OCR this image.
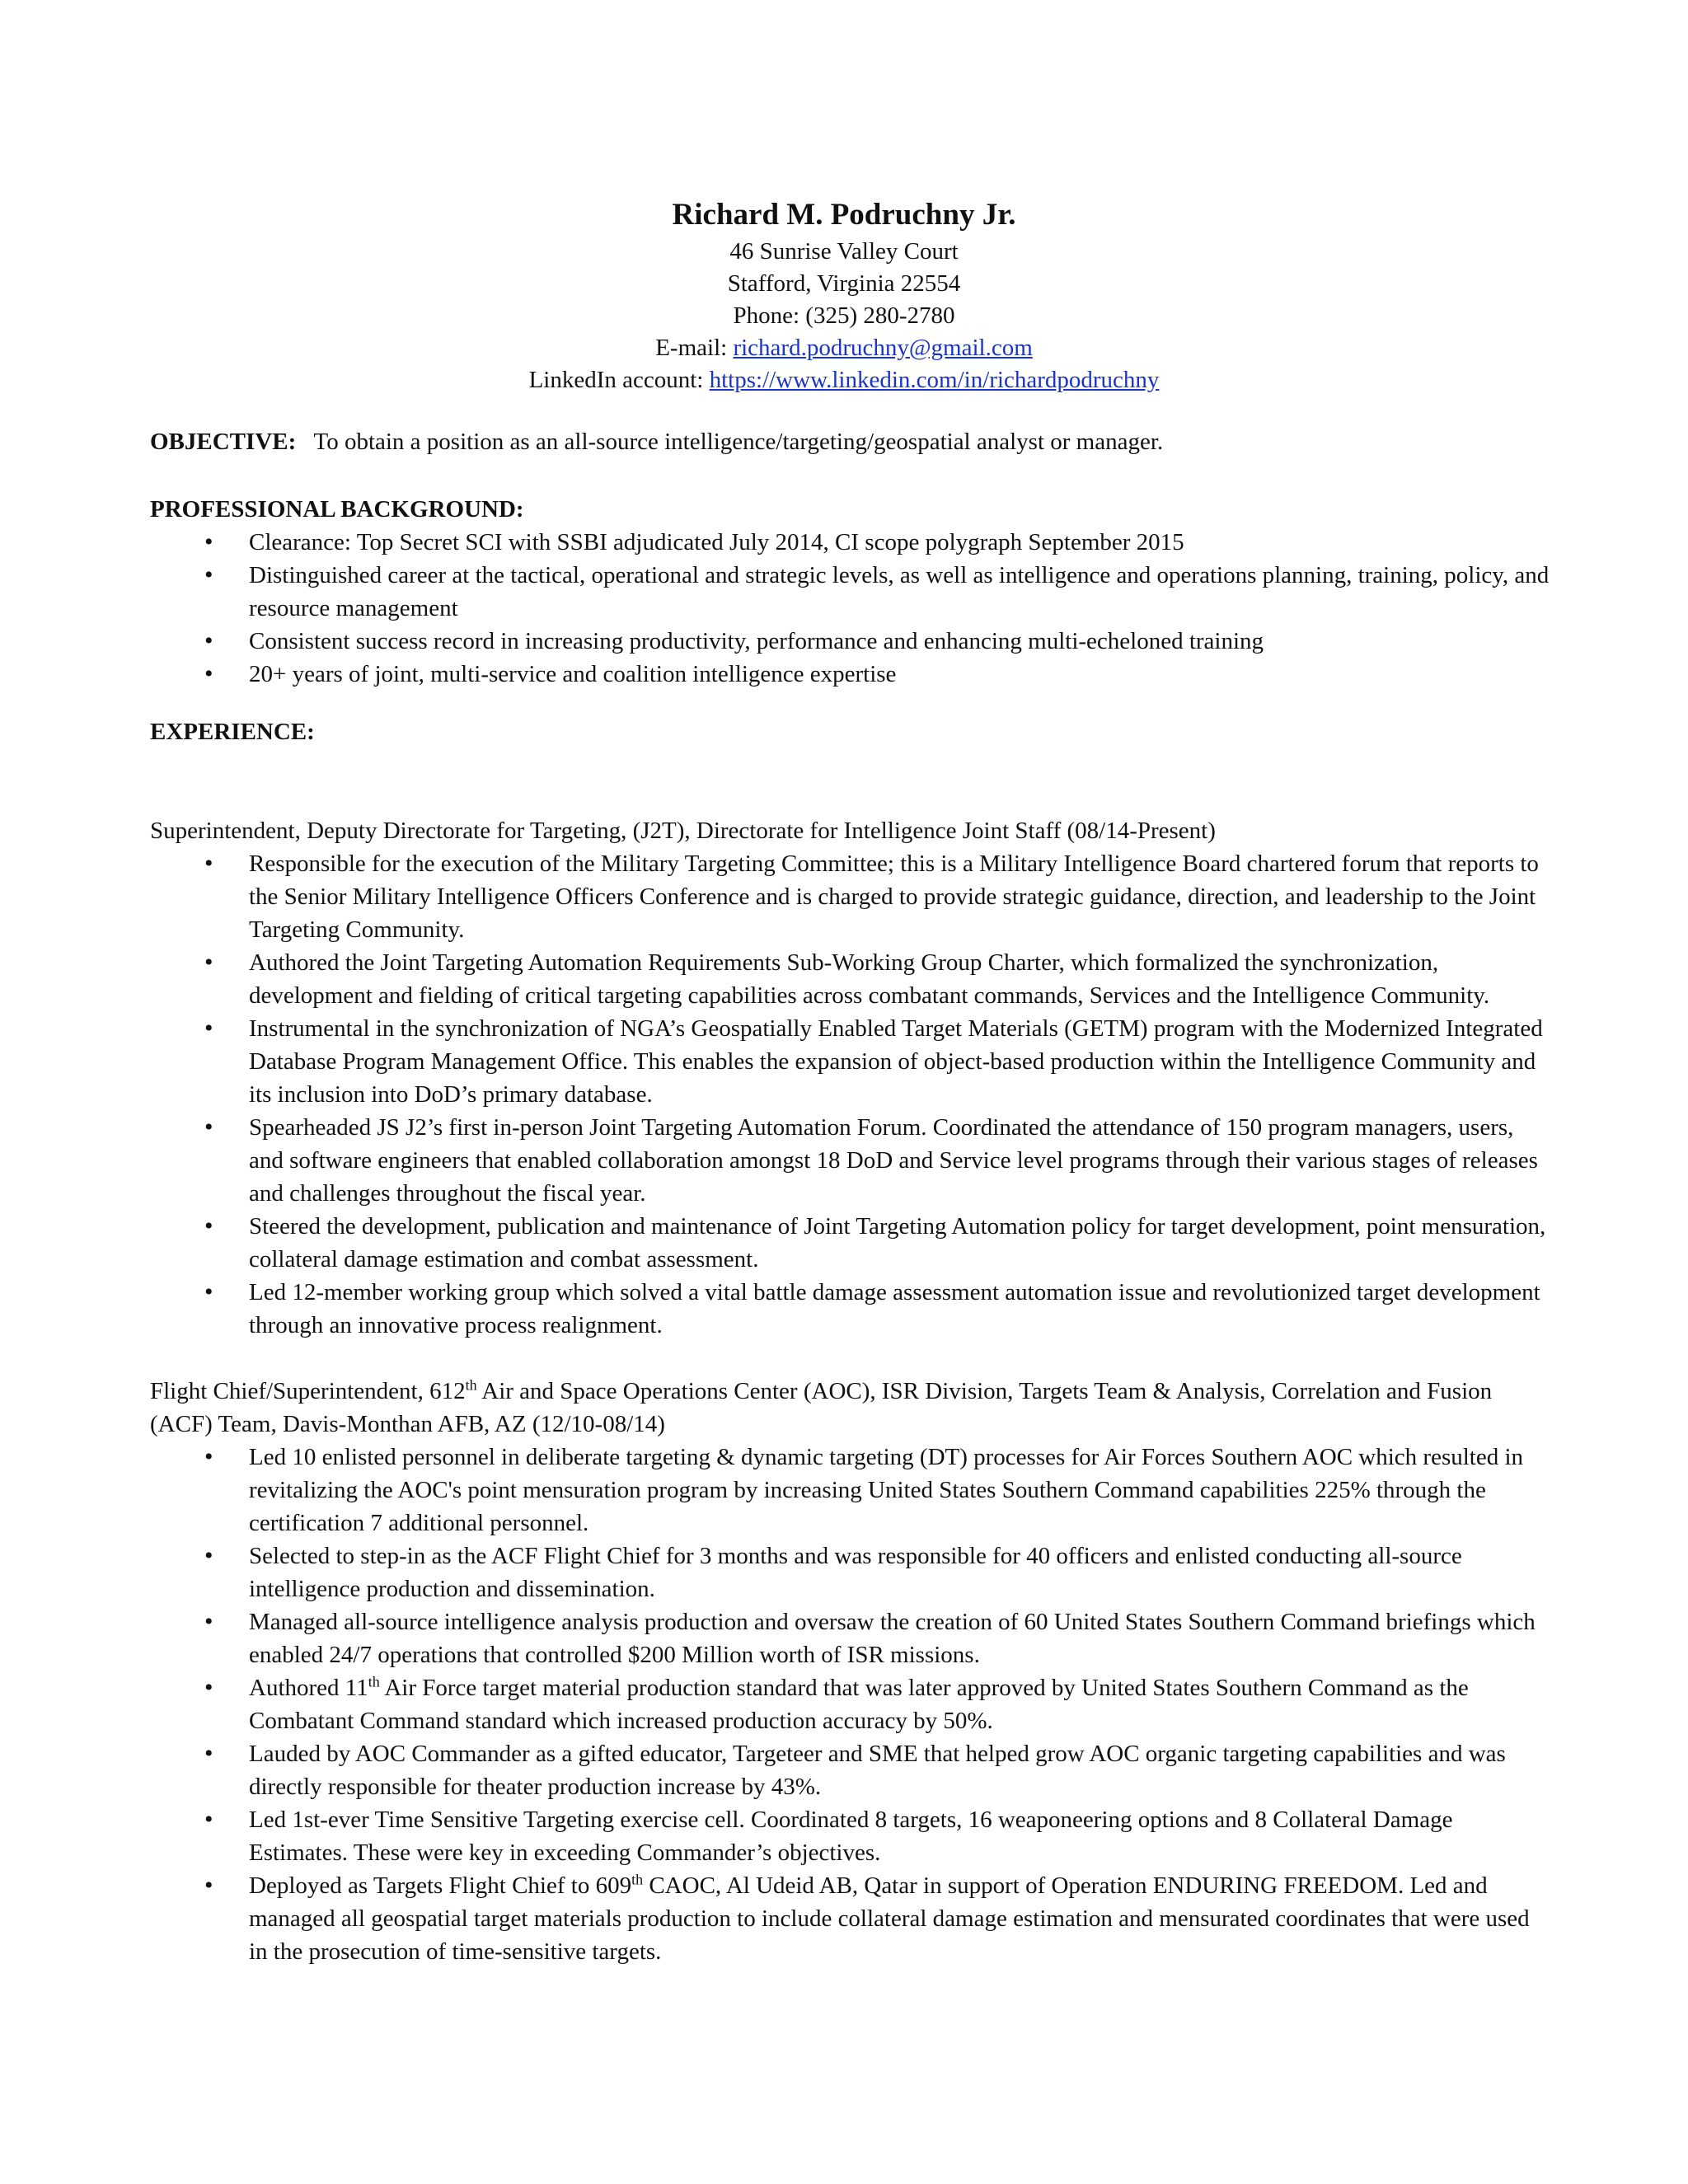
Richard M. Podruchny Jr.
46 Sunrise Valley Court
Stafford, Virginia 22554
Phone: (325) 280-2780
E-mail: richard.podruchny@gmail.com
LinkedIn account: https://www.linkedin.com/in/richardpodruchny

OBJECTIVE: To obtain a position as an all-source intelligence/targeting/geospatial analyst or manager.

PROFESSIONAL BACKGROUND:

• Clearance: Top Secret SCI with SSBI adjudicated July 2014, CI scope polygraph September 2015
• Distinguished career at the tactical, operational and strategic levels, as well as intelligence and operations planning, training, policy, and resource management
• Consistent success record in increasing productivity, performance and enhancing multi-echeloned training
• 20+ years of joint, multi-service and coalition intelligence expertise

EXPERIENCE:

Superintendent, Deputy Directorate for Targeting, (J2T), Directorate for Intelligence Joint Staff (08/14-Present)
• Responsible for the execution of the Military Targeting Committee; this is a Military Intelligence Board chartered forum that reports to the Senior Military Intelligence Officers Conference and is charged to provide strategic guidance, direction, and leadership to the Joint Targeting Community.
• Authored the Joint Targeting Automation Requirements Sub-Working Group Charter, which formalized the synchronization, development and fielding of critical targeting capabilities across combatant commands, Services and the Intelligence Community.
• Instrumental in the synchronization of NGA’s Geospatially Enabled Target Materials (GETM) program with the Modernized Integrated Database Program Management Office. This enables the expansion of object-based production within the Intelligence Community and its inclusion into DoD’s primary database.
• Spearheaded JS J2’s first in-person Joint Targeting Automation Forum. Coordinated the attendance of 150 program managers, users, and software engineers that enabled collaboration amongst 18 DoD and Service level programs through their various stages of releases and challenges throughout the fiscal year.
• Steered the development, publication and maintenance of Joint Targeting Automation policy for target development, point mensuration, collateral damage estimation and combat assessment.
• Led 12-member working group which solved a vital battle damage assessment automation issue and revolutionized target development through an innovative process realignment.
Flight Chief/Superintendent, 612th Air and Space Operations Center (AOC), ISR Division, Targets Team & Analysis, Correlation and Fusion (ACF) Team, Davis-Monthan AFB, AZ (12/10-08/14)
• Led 10 enlisted personnel in deliberate targeting & dynamic targeting (DT) processes for Air Forces Southern AOC which resulted in revitalizing the AOC's point mensuration program by increasing United States Southern Command capabilities 225% through the certification 7 additional personnel.
• Selected to step-in as the ACF Flight Chief for 3 months and was responsible for 40 officers and enlisted conducting all-source intelligence production and dissemination.
• Managed all-source intelligence analysis production and oversaw the creation of 60 United States Southern Command briefings which enabled 24/7 operations that controlled $200 Million worth of ISR missions.
• Authored 11th Air Force target material production standard that was later approved by United States Southern Command as the Combatant Command standard which increased production accuracy by 50%.
• Lauded by AOC Commander as a gifted educator, Targeteer and SME that helped grow AOC organic targeting capabilities and was directly responsible for theater production increase by 43%.
• Led 1st-ever Time Sensitive Targeting exercise cell. Coordinated 8 targets, 16 weaponeering options and 8 Collateral Damage Estimates. These were key in exceeding Commander’s objectives.
• Deployed as Targets Flight Chief to 609th CAOC, Al Udeid AB, Qatar in support of Operation ENDURING FREEDOM. Led and managed all geospatial target materials production to include collateral damage estimation and mensurated coordinates that were used in the prosecution of time-sensitive targets.
